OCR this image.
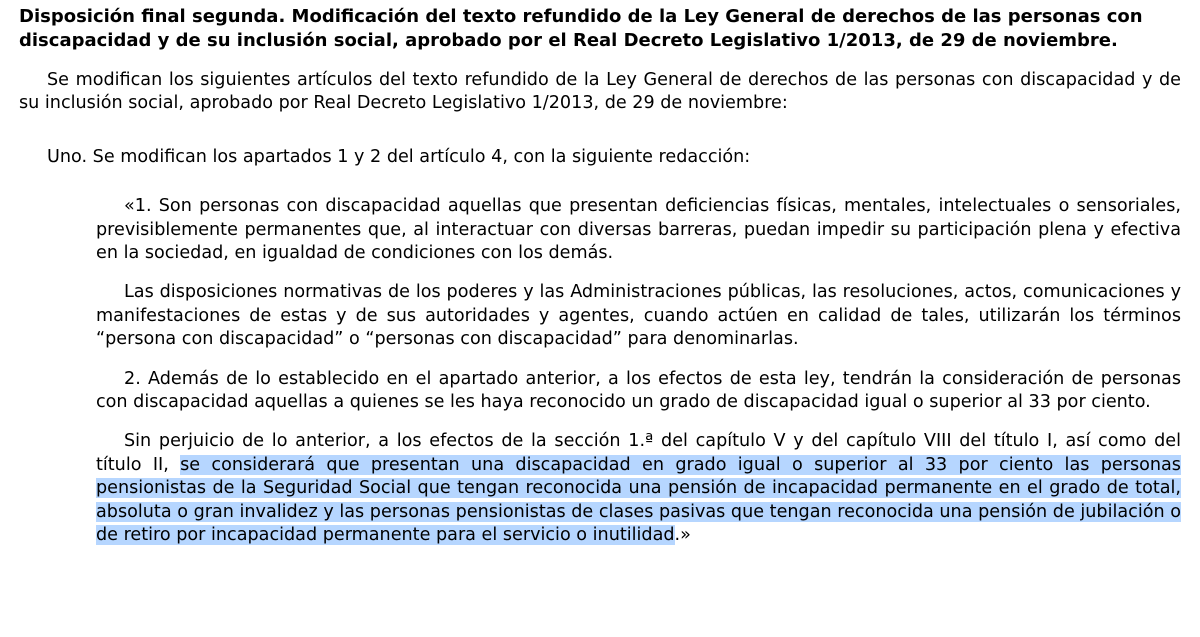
Disposición final segunda. Modificación del texto refundido de la Ley General de derechos de las personas con discapacidad y de su inclusión social, aprobado por el Real Decreto Legislativo 1/2013, de 29 de noviembre.

Se modifican los siguientes artículos del texto refundido de la Ley General de derechos de las personas con discapacidad y de su inclusión social, aprobado por Real Decreto Legislativo 1/2013, de 29 de noviembre:

Uno. Se modifican los apartados 1 y 2 del artículo 4, con la siguiente redacción:

«1. Son personas con discapacidad aquellas que presentan deficiencias físicas, mentales, intelectuales o sensoriales, previsiblemente permanentes que, al interactuar con diversas barreras, puedan impedir su participación plena y efectiva en la sociedad, en igualdad de condiciones con los demás.

Las disposiciones normativas de los poderes y las Administraciones públicas, las resoluciones, actos, comunicaciones y manifestaciones de estas y de sus autoridades y agentes, cuando actúen en calidad de tales, utilizarán los términos “persona con discapacidad” o “personas con discapacidad” para denominarlas.

2. Además de lo establecido en el apartado anterior, a los efectos de esta ley, tendrán la consideración de personas con discapacidad aquellas a quienes se les haya reconocido un grado de discapacidad igual o superior al 33 por ciento.

Sin perjuicio de lo anterior, a los efectos de la sección 1.ª del capítulo V y del capítulo VIII del título I, así como del título II, se considerará que presentan una discapacidad en grado igual o superior al 33 por ciento las personas pensionistas de la Seguridad Social que tengan reconocida una pensión de incapacidad permanente en el grado de total, absoluta o gran invalidez y las personas pensionistas de clases pasivas que tengan reconocida una pensión de jubilación o de retiro por incapacidad permanente para el servicio o inutilidad.»
